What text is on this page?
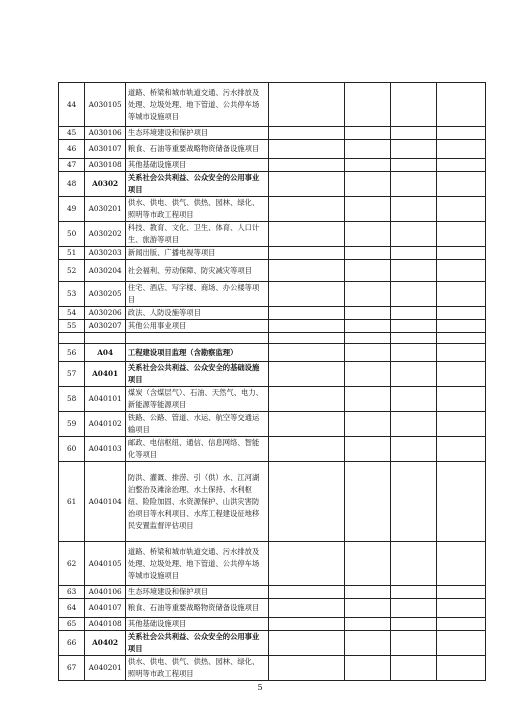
44	A030105	道路、桥梁和城市轨道交通、污水排放及处理、垃圾处理、地下管道、公共停车场等城市设施项目				
45	A030106	生态环境建设和保护项目				
46	A030107	粮食、石油等重要战略物资储备设施项目				
47	A030108	其他基础设施项目				
48	A0302	关系社会公共利益、公众安全的公用事业项目				
49	A030201	供水、供电、供气、供热、园林、绿化、照明等市政工程项目				
50	A030202	科技、教育、文化、卫生、体育、人口计生、旅游等项目				
51	A030203	新闻出版、广播电视等项目				
52	A030204	社会福利、劳动保障、防灾减灾等项目				
53	A030205	住宅、酒店、写字楼、商场、办公楼等项目				
54	A030206	政法、人防设施等项目				
55	A030207	其他公用事业项目				

56	A04	工程建设项目监理（含勘察监理）				
57	A0401	关系社会公共利益、公众安全的基础设施项目				
58	A040101	煤炭（含煤层气）、石油、天然气、电力、新能源等能源项目				
59	A040102	铁路、公路、管道、水运、航空等交通运输项目				
60	A040103	邮政、电信枢纽、通信、信息网络、智能化等项目				
61	A040104	防洪、灌溉、排涝、引（供）水、江河湖泊整治及滩涂治理、水土保持、水利枢纽、险险加固、水资源保护、山洪灾害防治项目等水利项目、水库工程建设征地移民安置监督评估项目				
62	A040105	道路、桥梁和城市轨道交通、污水排放及处理、垃圾处理、地下管道、公共停车场等城市设施项目				
63	A040106	生态环境建设和保护项目				
64	A040107	粮食、石油等重要战略物资储备设施项目				
65	A040108	其他基础设施项目				
66	A0402	关系社会公共利益、公众安全的公用事业项目				
67	A040201	供水、供电、供气、供热、园林、绿化、照明等市政工程项目				
5
